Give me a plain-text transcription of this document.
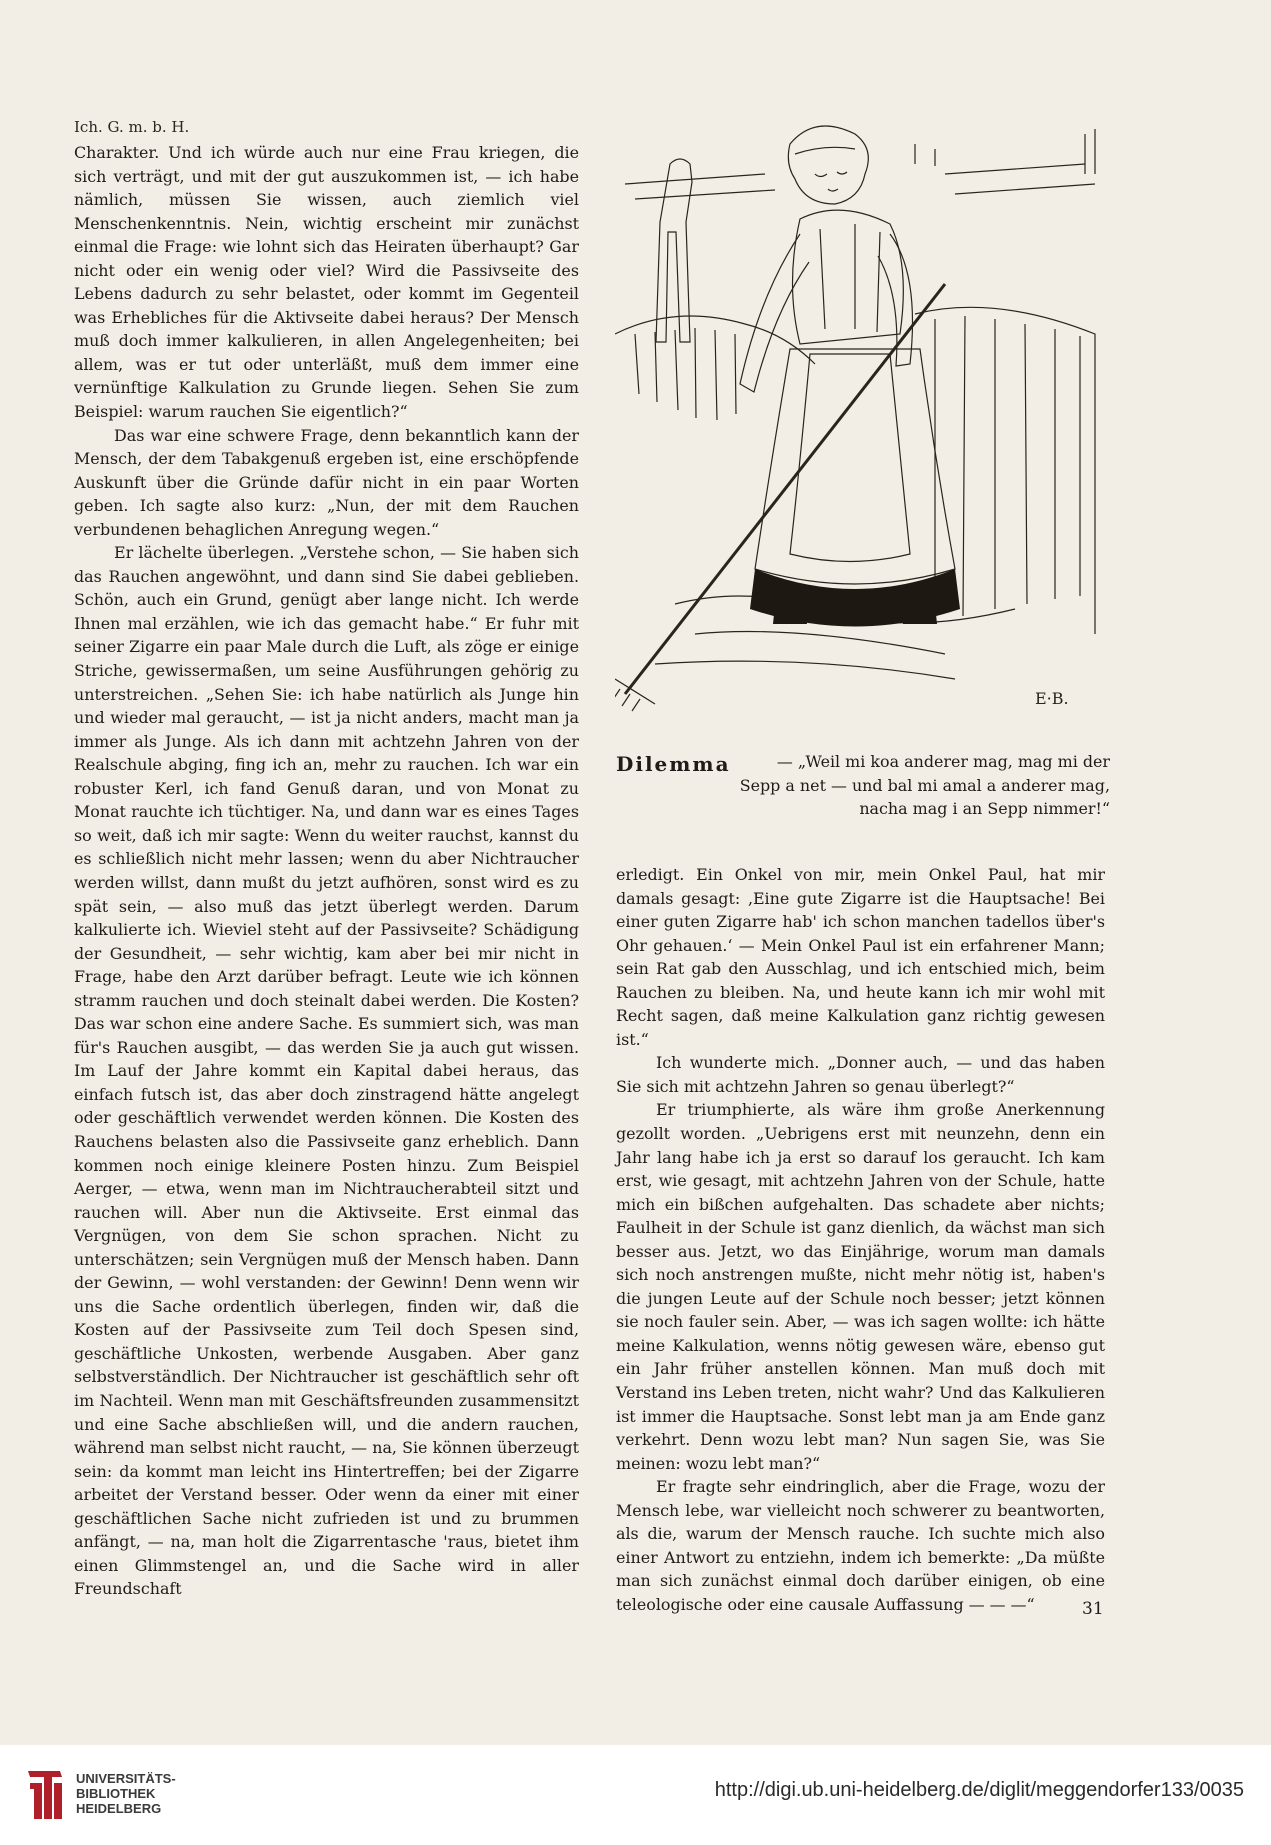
Ich. G. m. b. H.

Charakter. Und ich würde auch nur eine Frau kriegen, die sich verträgt, und mit der gut auszukommen ist, — ich habe nämlich, müssen Sie wissen, auch ziemlich viel Menschenkenntnis. Nein, wichtig erscheint mir zunächst einmal die Frage: wie lohnt sich das Heiraten überhaupt? Gar nicht oder ein wenig oder viel? Wird die Passivseite des Lebens dadurch zu sehr belastet, oder kommt im Gegenteil was Erhebliches für die Aktivseite dabei heraus? Der Mensch muß doch immer kalkulieren, in allen Angelegenheiten; bei allem, was er tut oder unterläßt, muß dem immer eine vernünftige Kalkulation zu Grunde liegen. Sehen Sie zum Beispiel: warum rauchen Sie eigentlich?“

Das war eine schwere Frage, denn bekanntlich kann der Mensch, der dem Tabakgenuß ergeben ist, eine erschöpfende Auskunft über die Gründe dafür nicht in ein paar Worten geben. Ich sagte also kurz: „Nun, der mit dem Rauchen verbundenen behaglichen Anregung wegen.“

Er lächelte überlegen. „Verstehe schon, — Sie haben sich das Rauchen angewöhnt, und dann sind Sie dabei geblieben. Schön, auch ein Grund, genügt aber lange nicht. Ich werde Ihnen mal erzählen, wie ich das gemacht habe.“ Er fuhr mit seiner Zigarre ein paar Male durch die Luft, als zöge er einige Striche, gewissermaßen, um seine Ausführungen gehörig zu unterstreichen. „Sehen Sie: ich habe natürlich als Junge hin und wieder mal geraucht, — ist ja nicht anders, macht man ja immer als Junge. Als ich dann mit achtzehn Jahren von der Realschule abging, fing ich an, mehr zu rauchen. Ich war ein robuster Kerl, ich fand Genuß daran, und von Monat zu Monat rauchte ich tüchtiger. Na, und dann war es eines Tages so weit, daß ich mir sagte: Wenn du weiter rauchst, kannst du es schließlich nicht mehr lassen; wenn du aber Nichtraucher werden willst, dann mußt du jetzt aufhören, sonst wird es zu spät sein, — also muß das jetzt überlegt werden. Darum kalkulierte ich. Wieviel steht auf der Passivseite? Schädigung der Gesundheit, — sehr wichtig, kam aber bei mir nicht in Frage, habe den Arzt darüber befragt. Leute wie ich können stramm rauchen und doch steinalt dabei werden. Die Kosten? Das war schon eine andere Sache. Es summiert sich, was man für's Rauchen ausgibt, — das werden Sie ja auch gut wissen. Im Lauf der Jahre kommt ein Kapital dabei heraus, das einfach futsch ist, das aber doch zinstragend hätte angelegt oder geschäftlich verwendet werden können. Die Kosten des Rauchens belasten also die Passivseite ganz erheblich. Dann kommen noch einige kleinere Posten hinzu. Zum Beispiel Aerger, — etwa, wenn man im Nichtraucherabteil sitzt und rauchen will. Aber nun die Aktivseite. Erst einmal das Vergnügen, von dem Sie schon sprachen. Nicht zu unterschätzen; sein Vergnügen muß der Mensch haben. Dann der Gewinn, — wohl verstanden: der Gewinn! Denn wenn wir uns die Sache ordentlich überlegen, finden wir, daß die Kosten auf der Passivseite zum Teil doch Spesen sind, geschäftliche Unkosten, werbende Ausgaben. Aber ganz selbstverständlich. Der Nichtraucher ist geschäftlich sehr oft im Nachteil. Wenn man mit Geschäftsfreunden zusammensitzt und eine Sache abschließen will, und die andern rauchen, während man selbst nicht raucht, — na, Sie können überzeugt sein: da kommt man leicht ins Hintertreffen; bei der Zigarre arbeitet der Verstand besser. Oder wenn da einer mit einer geschäftlichen Sache nicht zufrieden ist und zu brummen anfängt, — na, man holt die Zigarrentasche 'raus, bietet ihm einen Glimmstengel an, und die Sache wird in aller Freundschaft

E·B.
Dilemma	— „Weil mi koa anderer mag, mag mi der Sepp a net — und bal mi amal a anderer mag, nacha mag i an Sepp nimmer!“

erledigt. Ein Onkel von mir, mein Onkel Paul, hat mir damals gesagt: ‚Eine gute Zigarre ist die Hauptsache! Bei einer guten Zigarre hab' ich schon manchen tadellos über's Ohr gehauen.‘ — Mein Onkel Paul ist ein erfahrener Mann; sein Rat gab den Ausschlag, und ich entschied mich, beim Rauchen zu bleiben. Na, und heute kann ich mir wohl mit Recht sagen, daß meine Kalkulation ganz richtig gewesen ist.“

Ich wunderte mich. „Donner auch, — und das haben Sie sich mit achtzehn Jahren so genau überlegt?“

Er triumphierte, als wäre ihm große Anerkennung gezollt worden. „Uebrigens erst mit neunzehn, denn ein Jahr lang habe ich ja erst so darauf los geraucht. Ich kam erst, wie gesagt, mit achtzehn Jahren von der Schule, hatte mich ein bißchen aufgehalten. Das schadete aber nichts; Faulheit in der Schule ist ganz dienlich, da wächst man sich besser aus. Jetzt, wo das Einjährige, worum man damals sich noch anstrengen mußte, nicht mehr nötig ist, haben's die jungen Leute auf der Schule noch besser; jetzt können sie noch fauler sein. Aber, — was ich sagen wollte: ich hätte meine Kalkulation, wenns nötig gewesen wäre, ebenso gut ein Jahr früher anstellen können. Man muß doch mit Verstand ins Leben treten, nicht wahr? Und das Kalkulieren ist immer die Hauptsache. Sonst lebt man ja am Ende ganz verkehrt. Denn wozu lebt man? Nun sagen Sie, was Sie meinen: wozu lebt man?“

Er fragte sehr eindringlich, aber die Frage, wozu der Mensch lebe, war vielleicht noch schwerer zu beantworten, als die, warum der Mensch rauche. Ich suchte mich also einer Antwort zu entziehn, indem ich bemerkte: „Da müßte man sich zunächst einmal doch darüber einigen, ob eine teleologische oder eine causale Auffassung — — —“	31
UNIVERSITÄTS-
BIBLIOTHEK
HEIDELBERG
http://digi.ub.uni-heidelberg.de/diglit/meggendorfer133/0035
